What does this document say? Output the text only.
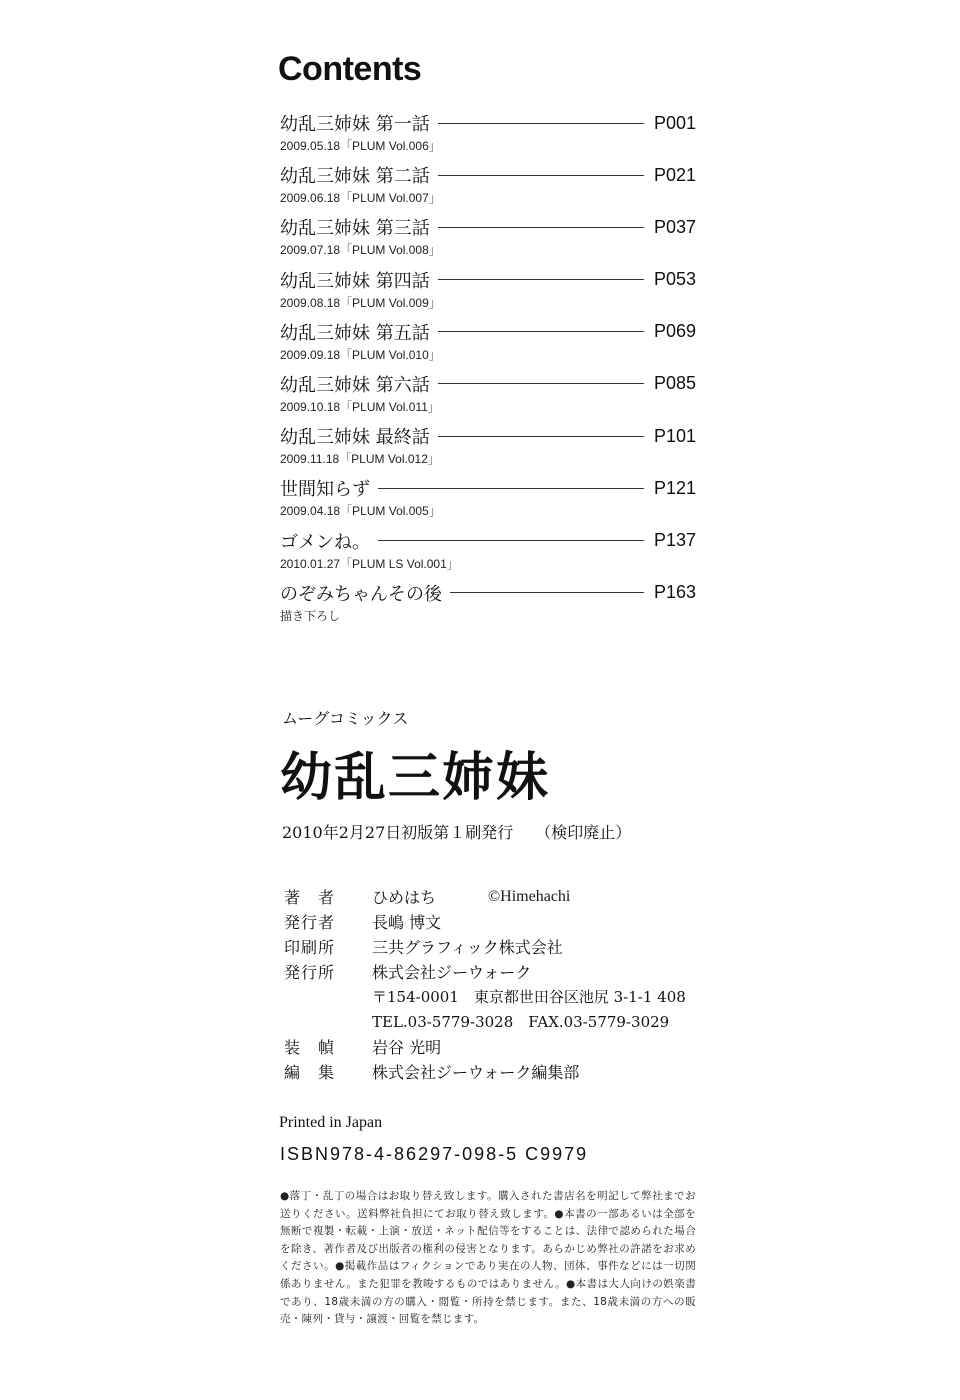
Contents
幼乱三姉妹 第一話	P001
2009.05.18「PLUM Vol.006」
幼乱三姉妹 第二話	P021
2009.06.18「PLUM Vol.007」
幼乱三姉妹 第三話	P037
2009.07.18「PLUM Vol.008」
幼乱三姉妹 第四話	P053
2009.08.18「PLUM Vol.009」
幼乱三姉妹 第五話	P069
2009.09.18「PLUM Vol.010」
幼乱三姉妹 第六話	P085
2009.10.18「PLUM Vol.011」
幼乱三姉妹 最終話	P101
2009.11.18「PLUM Vol.012」
世間知らず	P121
2009.04.18「PLUM Vol.005」
ゴメンね。	P137
2010.01.27「PLUM LS Vol.001」
のぞみちゃんその後	P163
描き下ろし
ムーグコミックス
幼乱三姉妹
2010年2月27日初版第１刷発行 （検印廃止）
著　者	ひめはち	©Himehachi
発行者	長嶋 博文
印刷所	三共グラフィック株式会社
発行所	株式会社ジーウォーク
〒154-0001　東京都世田谷区池尻 3-1-1 408
TEL.03-5779-3028　FAX.03-5779-3029
装　幀	岩谷 光明
編　集	株式会社ジーウォーク編集部
Printed in Japan
ISBN978-4-86297-098-5 C9979
●落丁・乱丁の場合はお取り替え致します。購入された書店名を明記して弊社までお送りください。送料弊社負担にてお取り替え致します。●本書の一部あるいは全部を無断で複製・転載・上演・放送・ネット配信等をすることは、法律で認められた場合を除き、著作者及び出版者の権利の侵害となります。あらかじめ弊社の許諾をお求めください。●掲載作品はフィクションであり実在の人物、団体、事件などには一切関係ありません。また犯罪を教唆するものではありません。●本書は大人向けの娯楽書であり、18歳未満の方の購入・閲覧・所持を禁じます。また、18歳未満の方への販売・陳列・貸与・譲渡・回覧を禁じます。
